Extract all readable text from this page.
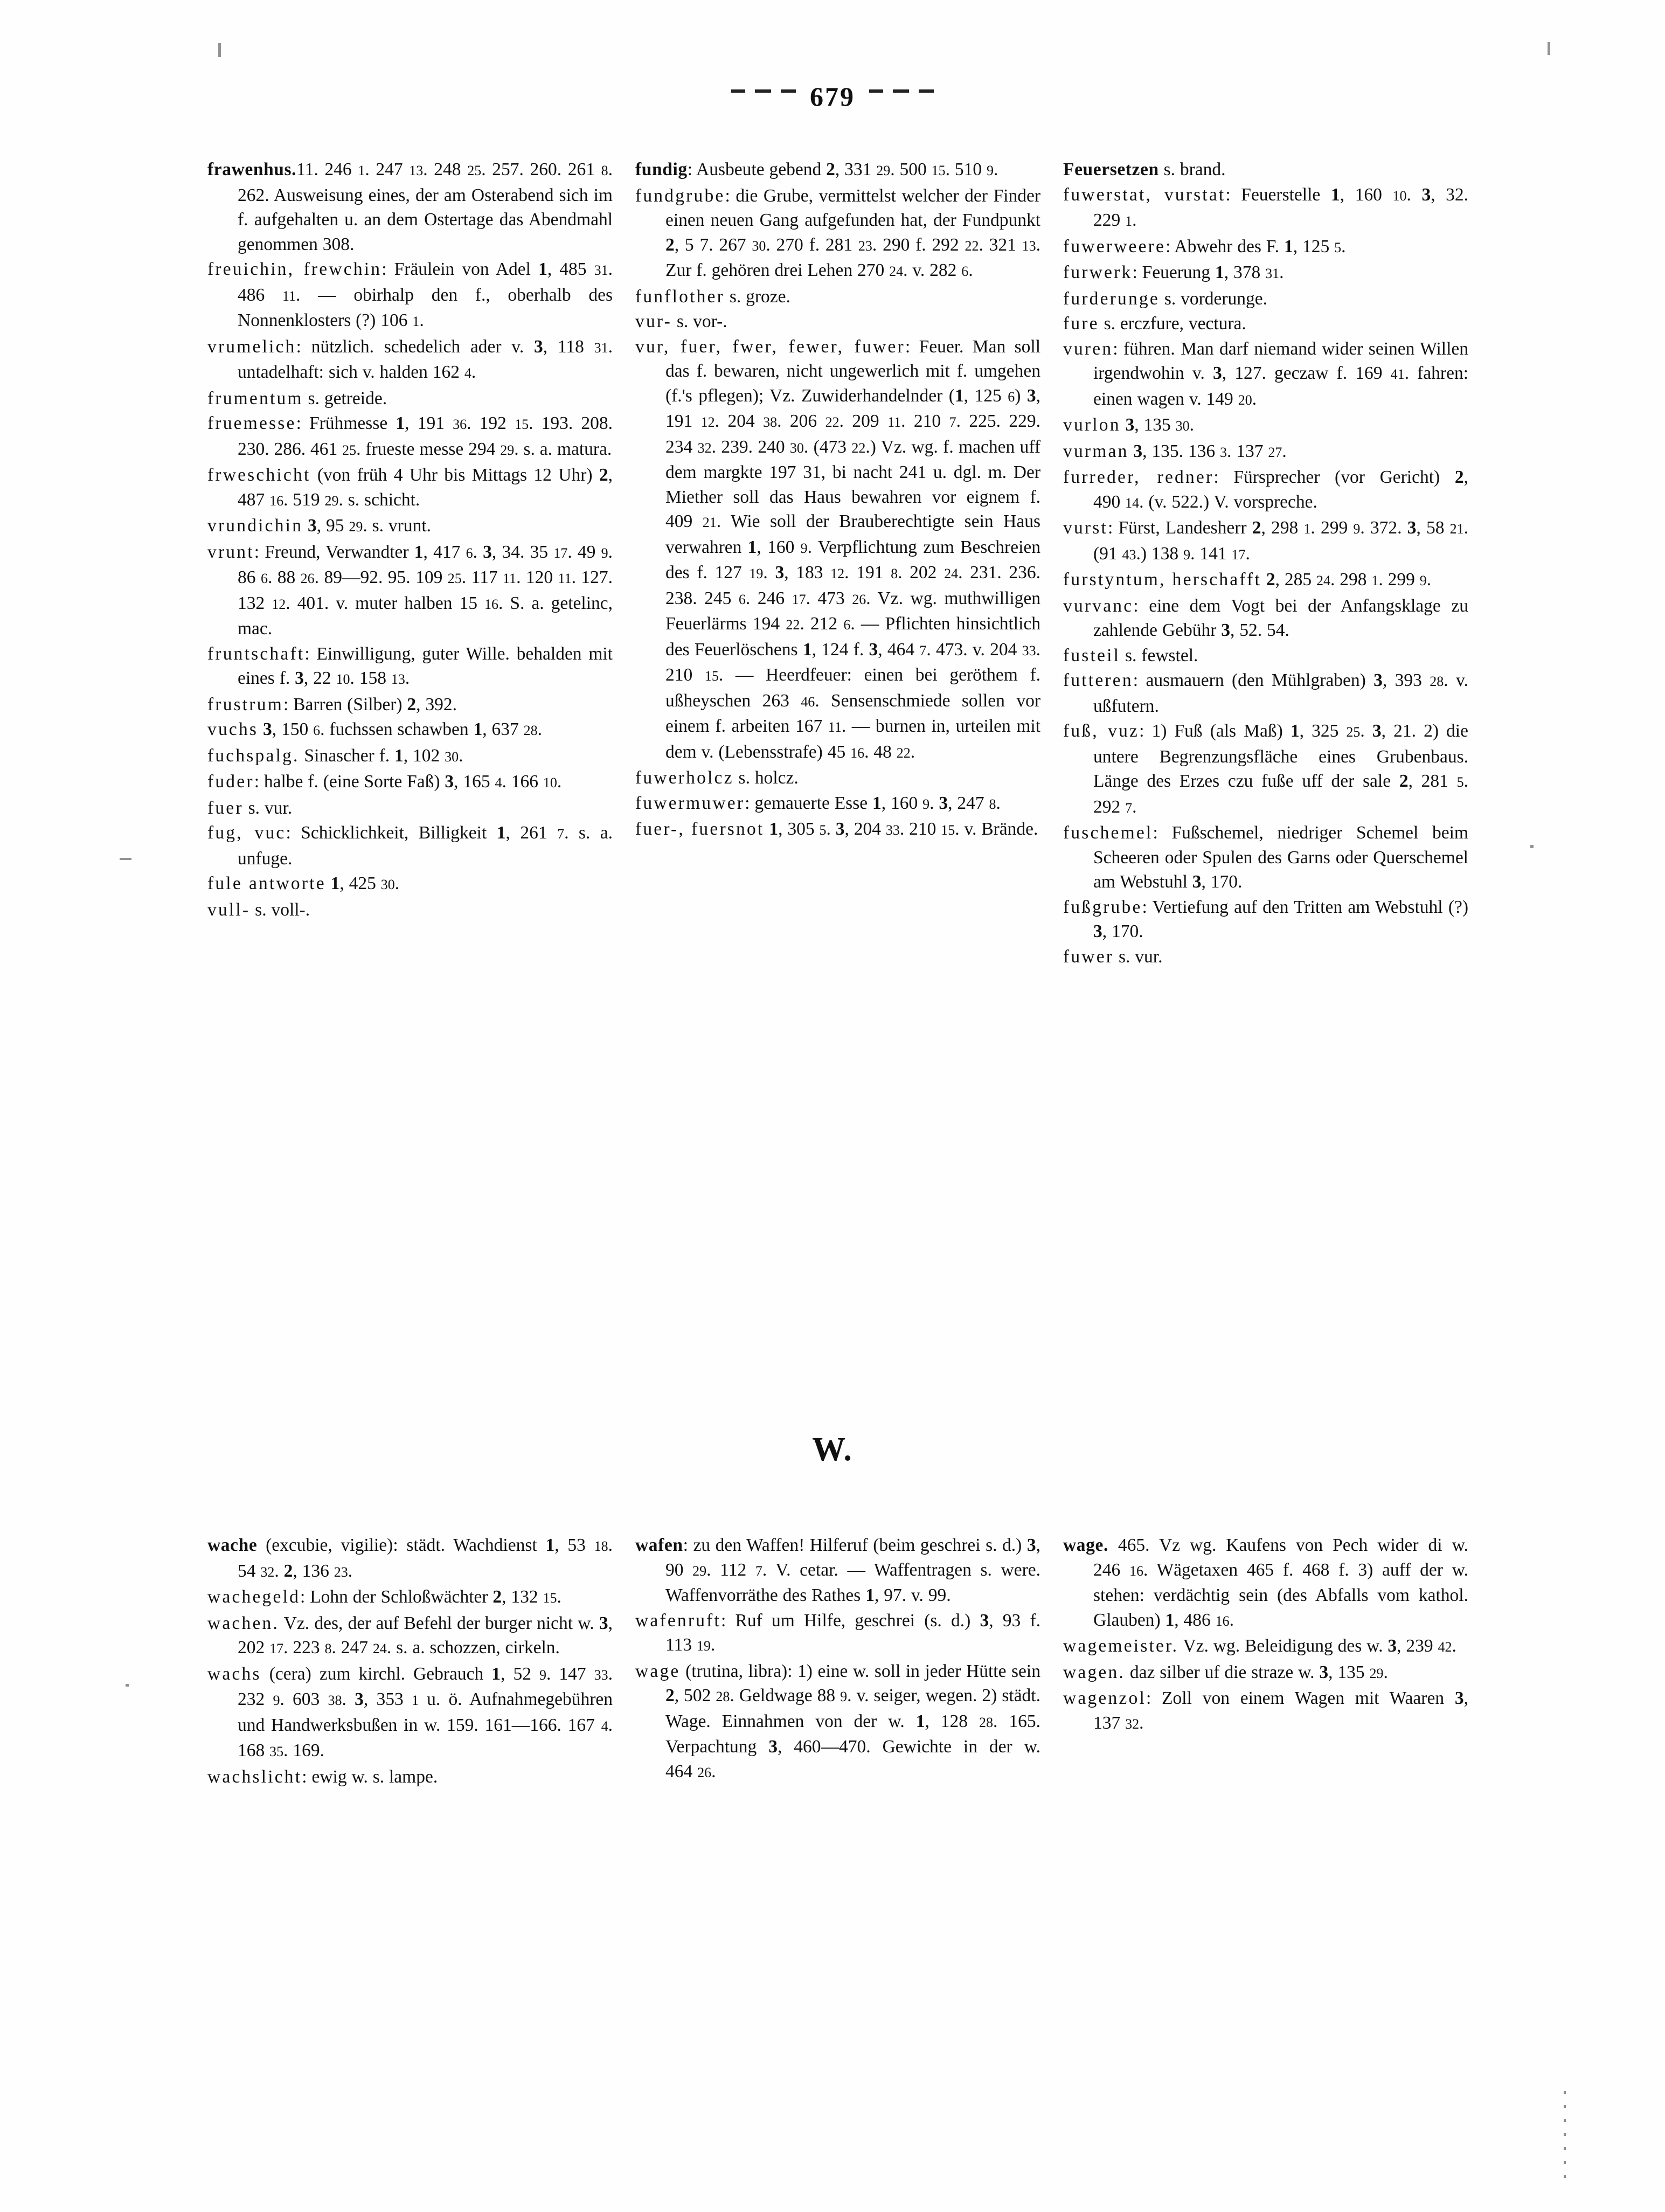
679

frawenhus.11. 246 1. 247 13. 248 25. 257. 260. 261 8. 262. Ausweisung eines, der am Osterabend sich im f. aufgehalten u. an dem Ostertage das Abendmahl genommen 308.

freuichin, frewchin: Fräulein von Adel 1, 485 31. 486 11. — obirhalp den f., oberhalb des Nonnenklosters (?) 106 1.

vrumelich: nützlich. schedelich ader v. 3, 118 31. untadelhaft: sich v. halden 162 4.

frumentum s. getreide.

fruemesse: Frühmesse 1, 191 36. 192 15. 193. 208. 230. 286. 461 25. frueste messe 294 29. s. a. matura.

frweschicht (von früh 4 Uhr bis Mittags 12 Uhr) 2, 487 16. 519 29. s. schicht.

vrundichin 3, 95 29. s. vrunt.

vrunt: Freund, Verwandter 1, 417 6. 3, 34. 35 17. 49 9. 86 6. 88 26. 89—92. 95. 109 25. 117 11. 120 11. 127. 132 12. 401. v. muter halben 15 16. S. a. getelinc, mac.

fruntschaft: Einwilligung, guter Wille. behalden mit eines f. 3, 22 10. 158 13.

frustrum: Barren (Silber) 2, 392.

vuchs 3, 150 6. fuchssen schawben 1, 637 28.

fuchspalg. Sinascher f. 1, 102 30.

fuder: halbe f. (eine Sorte Faß) 3, 165 4. 166 10.

fuer s. vur.

fug, vuc: Schicklichkeit, Billigkeit 1, 261 7. s. a. unfuge.

fule antworte 1, 425 30.

vull- s. voll-.

fundig: Ausbeute gebend 2, 331 29. 500 15. 510 9.

fundgrube: die Grube, vermittelst welcher der Finder einen neuen Gang aufgefunden hat, der Fundpunkt 2, 5 7. 267 30. 270 f. 281 23. 290 f. 292 22. 321 13. Zur f. gehören drei Lehen 270 24. v. 282 6.

funflother s. groze.

vur- s. vor-.

vur, fuer, fwer, fewer, fuwer: Feuer. Man soll das f. bewaren, nicht ungewerlich mit f. umgehen (f.'s pflegen); Vz. Zuwiderhandelnder (1, 125 6) 3, 191 12. 204 38. 206 22. 209 11. 210 7. 225. 229. 234 32. 239. 240 30. (473 22.) Vz. wg. f. machen uff dem margkte 197 31, bi nacht 241 u. dgl. m. Der Miether soll das Haus bewahren vor eignem f. 409 21. Wie soll der Brauberechtigte sein Haus verwahren 1, 160 9. Verpflichtung zum Beschreien des f. 127 19. 3, 183 12. 191 8. 202 24. 231. 236. 238. 245 6. 246 17. 473 26. Vz. wg. muthwilligen Feuerlärms 194 22. 212 6. — Pflichten hinsichtlich des Feuerlöschens 1, 124 f. 3, 464 7. 473. v. 204 33. 210 15. — Heerdfeuer: einen bei geröthem f. ußheyschen 263 46. Sensenschmiede sollen vor einem f. arbeiten 167 11. — burnen in, urteilen mit dem v. (Lebensstrafe) 45 16. 48 22.

fuwerholcz s. holcz.

fuwermuwer: gemauerte Esse 1, 160 9. 3, 247 8.

fuer-, fuersnot 1, 305 5. 3, 204 33. 210 15. v. Brände.

Feuersetzen s. brand.

fuwerstat, vurstat: Feuerstelle 1, 160 10. 3, 32. 229 1.

fuwerweere: Abwehr des F. 1, 125 5.

furwerk: Feuerung 1, 378 31.

furderunge s. vorderunge.

fure s. erczfure, vectura.

vuren: führen. Man darf niemand wider seinen Willen irgendwohin v. 3, 127. geczaw f. 169 41. fahren: einen wagen v. 149 20.

vurlon 3, 135 30.

vurman 3, 135. 136 3. 137 27.

furreder, redner: Fürsprecher (vor Gericht) 2, 490 14. (v. 522.) V. vorspreche.

vurst: Fürst, Landesherr 2, 298 1. 299 9. 372. 3, 58 21. (91 43.) 138 9. 141 17.

furstyntum, herschafft 2, 285 24. 298 1. 299 9.

vurvanc: eine dem Vogt bei der Anfangsklage zu zahlende Gebühr 3, 52. 54.

fusteil s. fewstel.

futteren: ausmauern (den Mühlgraben) 3, 393 28. v. ußfutern.

fuß, vuz: 1) Fuß (als Maß) 1, 325 25. 3, 21. 2) die untere Begrenzungsfläche eines Grubenbaus. Länge des Erzes czu fuße uff der sale 2, 281 5. 292 7.

fuschemel: Fußschemel, niedriger Schemel beim Scheeren oder Spulen des Garns oder Querschemel am Webstuhl 3, 170.

fußgrube: Vertiefung auf den Tritten am Webstuhl (?) 3, 170.

fuwer s. vur.

W.

wache (excubie, vigilie): städt. Wachdienst 1, 53 18. 54 32. 2, 136 23.

wachegeld: Lohn der Schloßwächter 2, 132 15.

wachen. Vz. des, der auf Befehl der burger nicht w. 3, 202 17. 223 8. 247 24. s. a. schozzen, cirkeln.

wachs (cera) zum kirchl. Gebrauch 1, 52 9. 147 33. 232 9. 603 38. 3, 353 1 u. ö. Aufnahmegebühren und Handwerksbußen in w. 159. 161—166. 167 4. 168 35. 169.

wachslicht: ewig w. s. lampe.

wafen: zu den Waffen! Hilferuf (beim geschrei s. d.) 3, 90 29. 112 7. V. cetar. — Waffentragen s. were. Waffenvorräthe des Rathes 1, 97. v. 99.

wafenruft: Ruf um Hilfe, geschrei (s. d.) 3, 93 f. 113 19.

wage (trutina, libra): 1) eine w. soll in jeder Hütte sein 2, 502 28. Geldwage 88 9. v. seiger, wegen. 2) städt. Wage. Einnahmen von der w. 1, 128 28. 165. Verpachtung 3, 460—470. Gewichte in der w. 464 26.

wage. 465. Vz wg. Kaufens von Pech wider di w. 246 16. Wägetaxen 465 f. 468 f. 3) auff der w. stehen: verdächtig sein (des Abfalls vom kathol. Glauben) 1, 486 16.

wagemeister. Vz. wg. Beleidigung des w. 3, 239 42.

wagen. daz silber uf die straze w. 3, 135 29.

wagenzol: Zoll von einem Wagen mit Waaren 3, 137 32.
